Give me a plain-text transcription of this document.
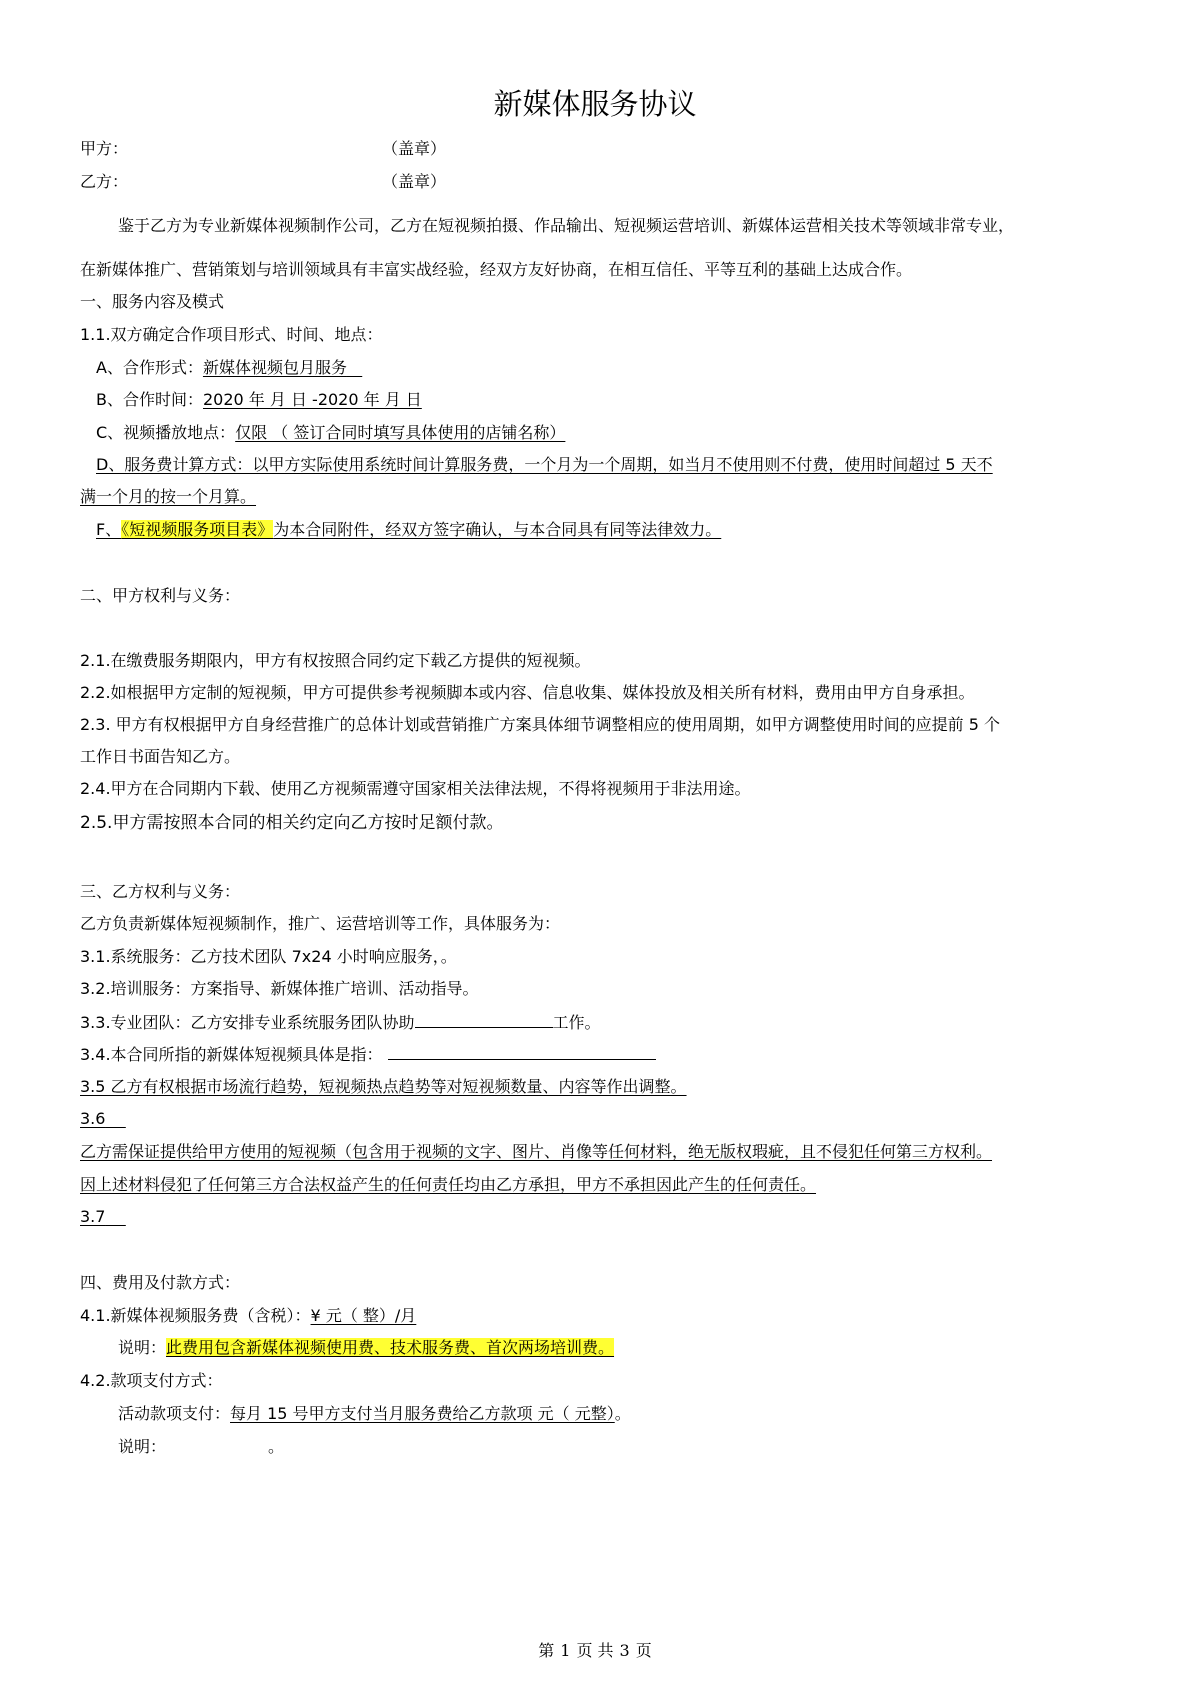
新媒体服务协议
甲方：	（盖章）
乙方：	（盖章）
鉴于乙方为专业新媒体视频制作公司，乙方在短视频拍摄、作品输出、短视频运营培训、新媒体运营相关技术等领域非常专业，
在新媒体推广、营销策划与培训领域具有丰富实战经验，经双方友好协商，在相互信任、平等互利的基础上达成合作。
一、服务内容及模式
1.1.双方确定合作项目形式、时间、地点：
A、合作形式：新媒体视频包月服务
B、合作时间：2020 年 月 日 -2020 年 月 日
C、视频播放地点：仅限 （ 签订合同时填写具体使用的店铺名称）
D、服务费计算方式：以甲方实际使用系统时间计算服务费，一个月为一个周期，如当月不使用则不付费，使用时间超过 5 天不
满一个月的按一个月算。
F、《短视频服务项目表》为本合同附件，经双方签字确认，与本合同具有同等法律效力。
二、甲方权利与义务：
2.1.在缴费服务期限内，甲方有权按照合同约定下载乙方提供的短视频。
2.2.如根据甲方定制的短视频，甲方可提供参考视频脚本或内容、信息收集、媒体投放及相关所有材料，费用由甲方自身承担。
2.3. 甲方有权根据甲方自身经营推广的总体计划或营销推广方案具体细节调整相应的使用周期，如甲方调整使用时间的应提前 5 个
工作日书面告知乙方。
2.4.甲方在合同期内下载、使用乙方视频需遵守国家相关法律法规，不得将视频用于非法用途。
2.5.甲方需按照本合同的相关约定向乙方按时足额付款。
三、乙方权利与义务：
乙方负责新媒体短视频制作，推广、运营培训等工作，具体服务为：
3.1.系统服务：乙方技术团队 7x24 小时响应服务，。
3.2.培训服务：方案指导、新媒体推广培训、活动指导。
3.3.专业团队：乙方安排专业系统服务团队协助	工作。
3.4.本合同所指的新媒体短视频具体是指：
3.5 乙方有权根据市场流行趋势，短视频热点趋势等对短视频数量、内容等作出调整。
3.6
乙方需保证提供给甲方使用的短视频（包含用于视频的文字、图片、肖像等任何材料，绝无版权瑕疵，且不侵犯任何第三方权利。
因上述材料侵犯了任何第三方合法权益产生的任何责任均由乙方承担，甲方不承担因此产生的任何责任。
3.7
四、费用及付款方式：
4.1.新媒体视频服务费（含税）：¥ 元（ 整）/月
说明：此费用包含新媒体视频使用费、技术服务费、首次两场培训费。
4.2.款项支付方式：
活动款项支付：每月 15 号甲方支付当月服务费给乙方款项 元（ 元整）。
说明：	。
第 1 页 共 3 页
